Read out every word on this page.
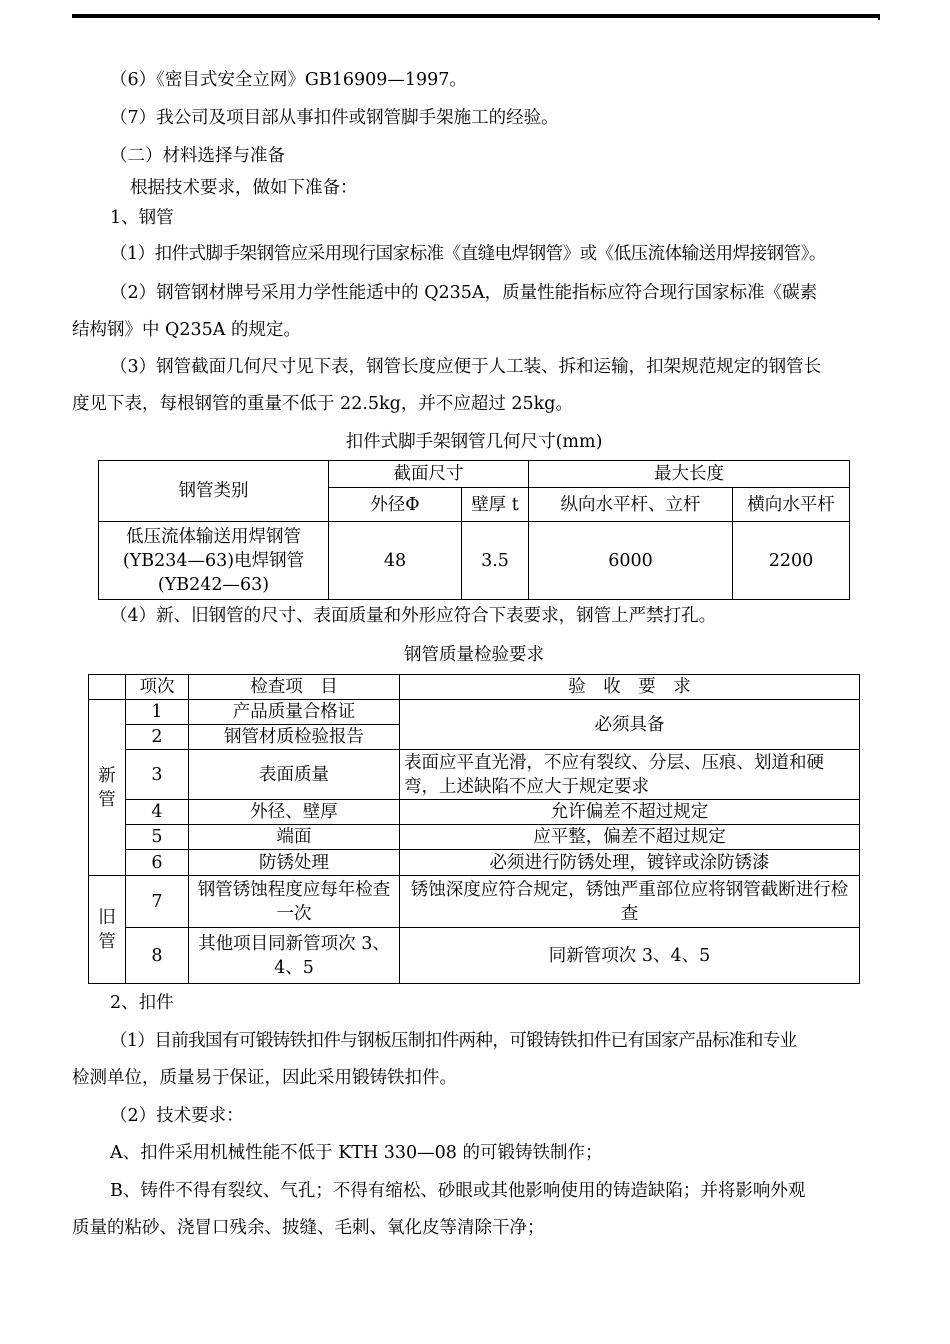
（6）《密目式安全立网》GB16909—1997。
（7）我公司及项目部从事扣件或钢管脚手架施工的经验。
（二）材料选择与准备
根据技术要求，做如下准备：
1、钢管
（1）扣件式脚手架钢管应采用现行国家标准《直缝电焊钢管》或《低压流体输送用焊接钢管》。
（2）钢管钢材牌号采用力学性能适中的 Q235A，质量性能指标应符合现行国家标准《碳素
结构钢》中 Q235A 的规定。
（3）钢管截面几何尺寸见下表，钢管长度应便于人工装、拆和运输，扣架规范规定的钢管长
度见下表，每根钢管的重量不低于 22.5kg，并不应超过 25kg。
扣件式脚手架钢管几何尺寸(mm)
钢管类别	截面尺寸		最大长度	
	外径Φ	壁厚 t	纵向水平杆、立杆	横向水平杆

低压流体输送用焊钢管
(YB234—63)电焊钢管
(YB242—63)	48	3.5	6000	2200
（4）新、旧钢管的尺寸、表面质量和外形应符合下表要求，钢管上严禁打孔。
钢管质量检验要求
	项次	检查项　目	验　收　要　求

新管	1	产品质量合格证	必须具备
	2	钢管材质检验报告	
	3	表面质量	表面应平直光滑，不应有裂纹、分层、压痕、划道和硬弯，上述缺陷不应大于规定要求
	4	外径、壁厚	允许偏差不超过规定
	5	端面	应平整，偏差不超过规定
	6	防锈处理	必须进行防锈处理，镀锌或涂防锈漆

旧管	7	钢管锈蚀程度应每年检查一次	锈蚀深度应符合规定，锈蚀严重部位应将钢管截断进行检查
	8	其他项目同新管项次 3、4、5	同新管项次 3、4、5
2、扣件
（1）目前我国有可锻铸铁扣件与钢板压制扣件两种，可锻铸铁扣件已有国家产品标准和专业
检测单位，质量易于保证，因此采用锻铸铁扣件。
（2）技术要求：
A、扣件采用机械性能不低于 KTH 330—08 的可锻铸铁制作；
B、铸件不得有裂纹、气孔；不得有缩松、砂眼或其他影响使用的铸造缺陷；并将影响外观
质量的粘砂、浇冒口残余、披缝、毛刺、氧化皮等清除干净；
